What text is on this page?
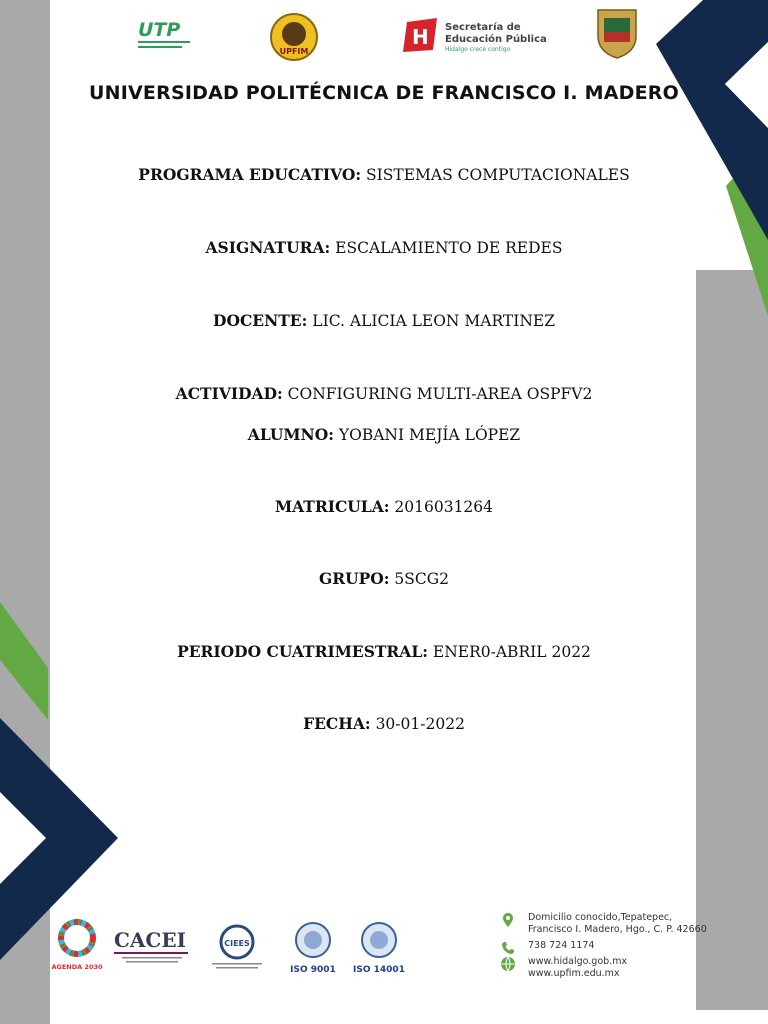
UTP
UPFIM
H Secretaría de
Educación Pública
Hidalgo crece contigo
UNIVERSIDAD POLITÉCNICA DE FRANCISCO I. MADERO
PROGRAMA EDUCATIVO: SISTEMAS COMPUTACIONALES
ASIGNATURA: ESCALAMIENTO DE REDES
DOCENTE: LIC. ALICIA LEON MARTINEZ
ACTIVIDAD: CONFIGURING MULTI-AREA OSPFV2
ALUMNO: YOBANI MEJÍA LÓPEZ
MATRICULA: 2016031264
GRUPO: 5SCG2
PERIODO CUATRIMESTRAL: ENER0-ABRIL 2022
FECHA: 30-01-2022
AGENDA 2030
CACEI	CIEES
ISO 9001 ISO 14001
Domicilio conocido,Tepatepec,
Francisco I. Madero, Hgo., C. P. 42660
738 724 1174
www.hidalgo.gob.mx
www.upfim.edu.mx
